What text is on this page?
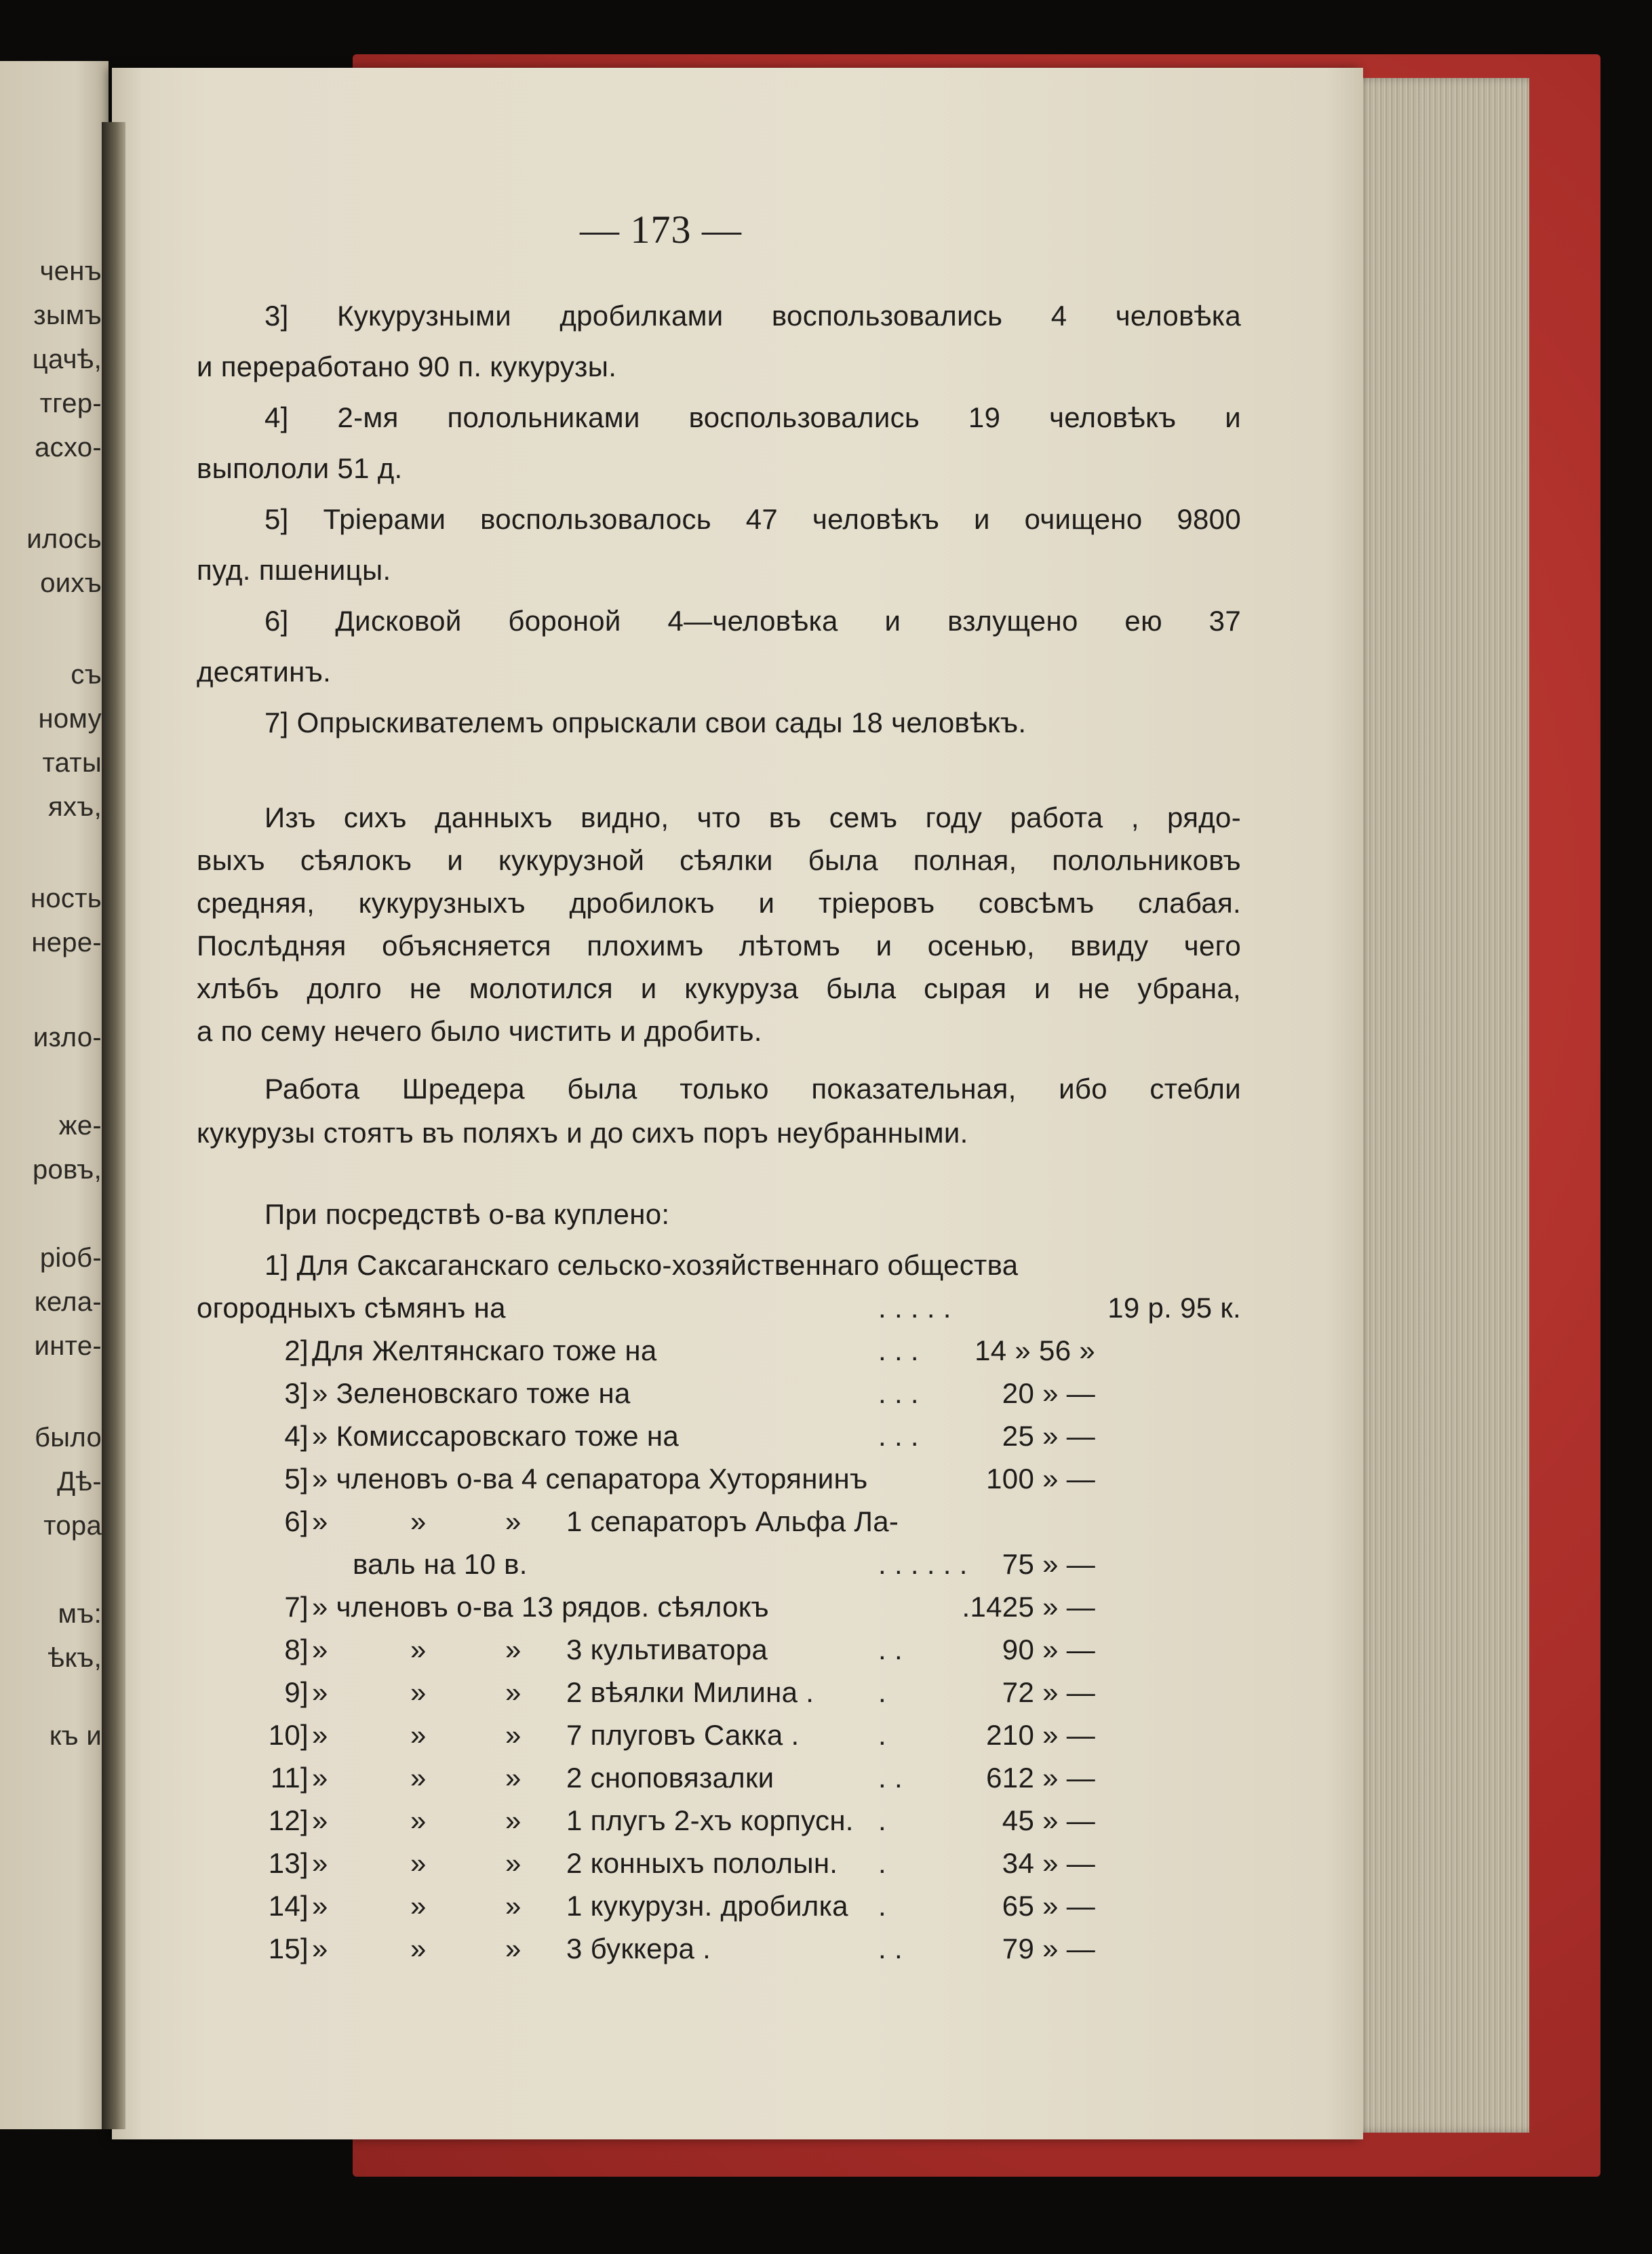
ченъ
зымъ
цачѣ,
тгер-
асхо-
илось
оихъ
съ
ному
таты
яхъ,
ность
нере-
изло-
же-
ровъ,
ріоб-
кела-
инте-
было
Дѣ-
тора
мъ:
ѣкъ,
къ и
— 173 —
3] Кукурузными дробилками воспользовались 4 человѣка
и переработано 90 п. кукурузы.
4] 2-мя полольниками воспользовались 19 человѣкъ и
выпололи 51 д.
5] Тріерами воспользовалось 47 человѣкъ и очищено 9800
пуд. пшеницы.
6] Дисковой бороной 4—человѣка и взлущено ею 37
десятинъ.
7] Опрыскивателемъ опрыскали свои сады 18 человѣкъ.
Изъ сихъ данныхъ видно, что въ семъ году работа , рядо-
выхъ сѣялокъ и кукурузной сѣялки была полная, полольниковъ
средняя, кукурузныхъ дробилокъ и тріеровъ совсѣмъ слабая.
Послѣдняя объясняется плохимъ лѣтомъ и осенью, ввиду чего
хлѣбъ долго не молотился и кукуруза была сырая и не убрана,
а по сему нечего было чистить и дробить.
Работа Шредера была только показательная, ибо стебли
кукурузы стоятъ въ поляхъ и до сихъ поръ неубранными.
При посредствѣ о-ва куплено:
1] Для Саксаганскаго сельско-хозяйственнаго общества
огородныхъ сѣмянъ на	. . . . .	19 р. 95 к.
2] Для Желтянскаго тоже на	. . . 14 » 56 »
3] » Зеленовскаго тоже на	. . .	20 » —
4] » Комиссаровскаго тоже на	. . .	25 » —
5] » членовъ о-ва 4 сепаратора Хуторянинъ	100 » —
6] »	»	» 1 сепараторъ Альфа Ла-
валь на 10 в.	. . . . . . 75 » —
7] » членовъ о-ва 13 рядов. сѣялокъ	.1425 » —
8] »	»	» 3 культиватора	. .	90 » —
9] »	»	» 2 вѣялки Милина . .	72 » —
10] »	»	» 7 плуговъ Сакка .	.	210 » —
11] »	»	» 2 сноповязалки	. .	612 » —
12] »	»	» 1 плугъ 2-хъ корпусн. .	45 » —
13] »	»	» 2 конныхъ пололын. .	34 » —
14] »	»	» 1 кукурузн. дробилка .	65 » —
15] »	»	» 3 буккера .	. .	79 » —
